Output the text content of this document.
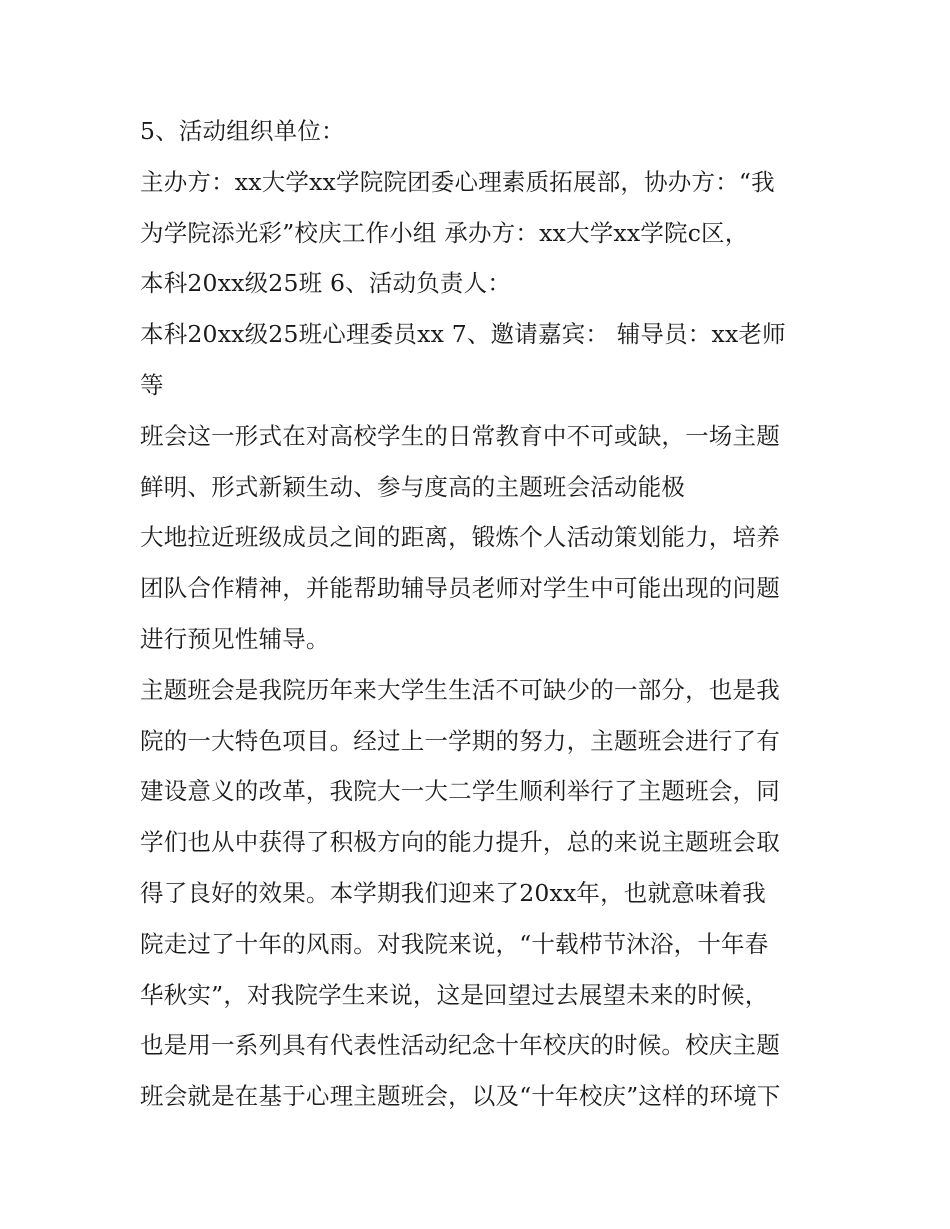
5、活动组织单位：
主办方：xx大学xx学院院团委心理素质拓展部，协办方：“我
为学院添光彩”校庆工作小组 承办方：xx大学xx学院c区，
本科20xx级25班 6、活动负责人：
本科20xx级25班心理委员xx 7、邀请嘉宾： 辅导员：xx老师
等
班会这一形式在对高校学生的日常教育中不可或缺，一场主题
鲜明、形式新颖生动、参与度高的主题班会活动能极
大地拉近班级成员之间的距离，锻炼个人活动策划能力，培养
团队合作精神，并能帮助辅导员老师对学生中可能出现的问题
进行预见性辅导。
主题班会是我院历年来大学生生活不可缺少的一部分，也是我
院的一大特色项目。经过上一学期的努力，主题班会进行了有
建设意义的改革，我院大一大二学生顺利举行了主题班会，同
学们也从中获得了积极方向的能力提升，总的来说主题班会取
得了良好的效果。本学期我们迎来了20xx年，也就意味着我
院走过了十年的风雨。对我院来说，“十载栉节沐浴，十年春
华秋实”，对我院学生来说，这是回望过去展望未来的时候，
也是用一系列具有代表性活动纪念十年校庆的时候。校庆主题
班会就是在基于心理主题班会，以及“十年校庆”这样的环境下
